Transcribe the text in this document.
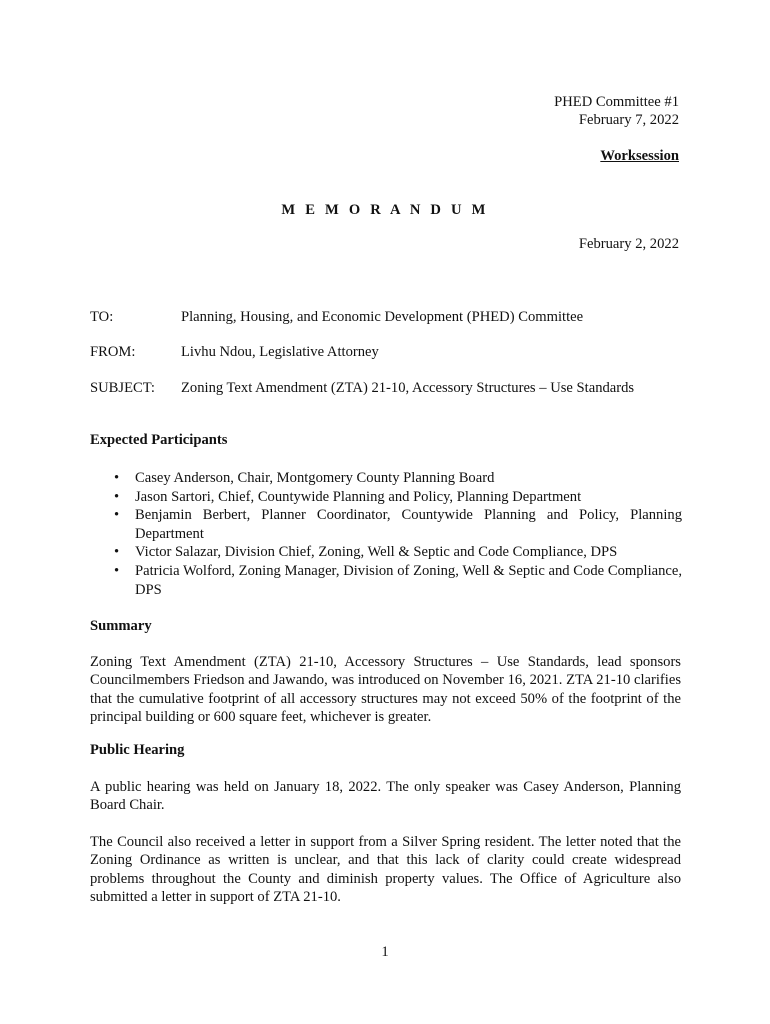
PHED Committee #1
February 7, 2022
Worksession
M E M O R A N D U M
February 2, 2022
TO:	Planning, Housing, and Economic Development (PHED) Committee
FROM:	Livhu Ndou, Legislative Attorney
SUBJECT: Zoning Text Amendment (ZTA) 21-10, Accessory Structures – Use Standards
Expected Participants
• Casey Anderson, Chair, Montgomery County Planning Board
• Jason Sartori, Chief, Countywide Planning and Policy, Planning Department
• Benjamin Berbert, Planner Coordinator, Countywide Planning and Policy, Planning Department
• Victor Salazar, Division Chief, Zoning, Well & Septic and Code Compliance, DPS
• Patricia Wolford, Zoning Manager, Division of Zoning, Well & Septic and Code Compliance, DPS
Summary

Zoning Text Amendment (ZTA) 21-10, Accessory Structures – Use Standards, lead sponsors Councilmembers Friedson and Jawando, was introduced on November 16, 2021. ZTA 21-10 clarifies that the cumulative footprint of all accessory structures may not exceed 50% of the footprint of the principal building or 600 square feet, whichever is greater.

Public Hearing

A public hearing was held on January 18, 2022. The only speaker was Casey Anderson, Planning Board Chair.

The Council also received a letter in support from a Silver Spring resident. The letter noted that the Zoning Ordinance as written is unclear, and that this lack of clarity could create widespread problems throughout the County and diminish property values. The Office of Agriculture also submitted a letter in support of ZTA 21-10.

1
